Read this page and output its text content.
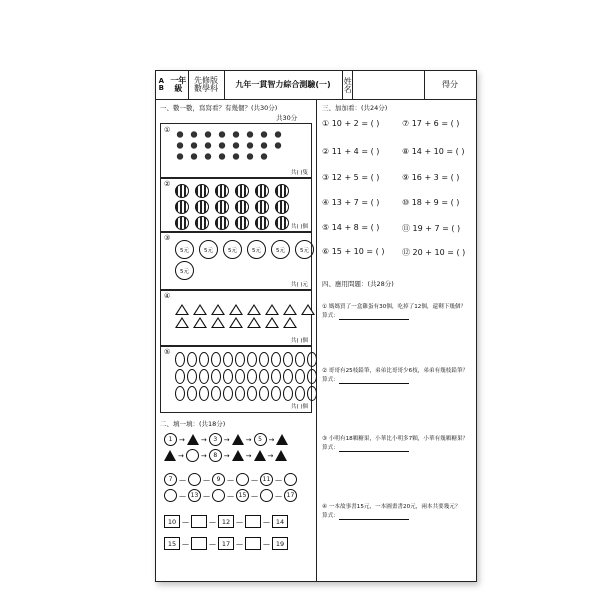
A B
一年級
先修版
數學科	九年一貫智力綜合測驗(一)	姓名	得分
一、數一數，寫寫看？有幾個？(共30分)
共30分
①
共( )隻
②
共( )個
③
5元	5元	5元	5元	5元	5元
5元
共( )元
④
共( )個
⑤
共( )個
二、填一填：(共18分)
1 → →	3 → →	5 →
→ →	8 → → →
7 — —	9 — — 11 —
— 13 — — 15 — — 17
10 —	— 12 —	— 14
15 —	— 17 —	— 19
三、加加看：(共24分)
① 10 + 2 = ( )	⑦ 17 + 6 = ( )
② 11 + 4 = ( )	⑧ 14 + 10 = ( )
③ 12 + 5 = ( )	⑨ 16 + 3 = ( )
④ 13 + 7 = ( )	⑩ 18 + 9 = ( )
⑤ 14 + 8 = ( )	⑪ 19 + 7 = ( )
⑥ 15 + 10 = ( ) ⑫ 20 + 10 = ( )
四、應用問題：(共28分)
① 媽媽買了一盒雞蛋有30個，吃掉了12個，還剩下幾個？
算式：
② 哥哥有25枝鉛筆，弟弟比哥哥少6枝，弟弟有幾枝鉛筆？
算式：
③ 小明有18顆糖果，小華比小明多7顆，小華有幾顆糖果？
算式：
④ 一本故事書15元，一本圖畫書20元，兩本共要幾元？
算式：
